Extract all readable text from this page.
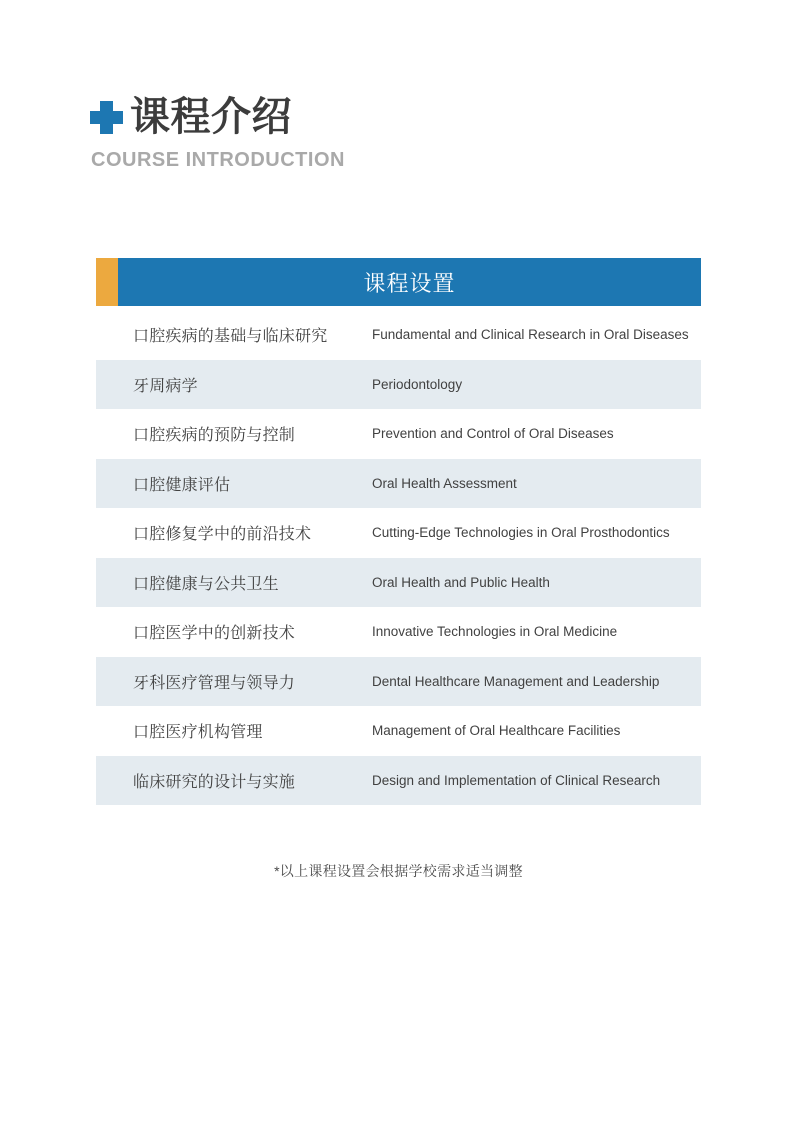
课程介绍
COURSE INTRODUCTION
课程设置
口腔疾病的基础与临床研究	Fundamental and Clinical Research in Oral Diseases
牙周病学	Periodontology
口腔疾病的预防与控制	Prevention and Control of Oral Diseases
口腔健康评估	Oral Health Assessment
口腔修复学中的前沿技术	Cutting-Edge Technologies in Oral Prosthodontics
口腔健康与公共卫生	Oral Health and Public Health
口腔医学中的创新技术	Innovative Technologies in Oral Medicine
牙科医疗管理与领导力	Dental Healthcare Management and Leadership
口腔医疗机构管理	Management of Oral Healthcare Facilities
临床研究的设计与实施	Design and Implementation of Clinical Research
*以上课程设置会根据学校需求适当调整
